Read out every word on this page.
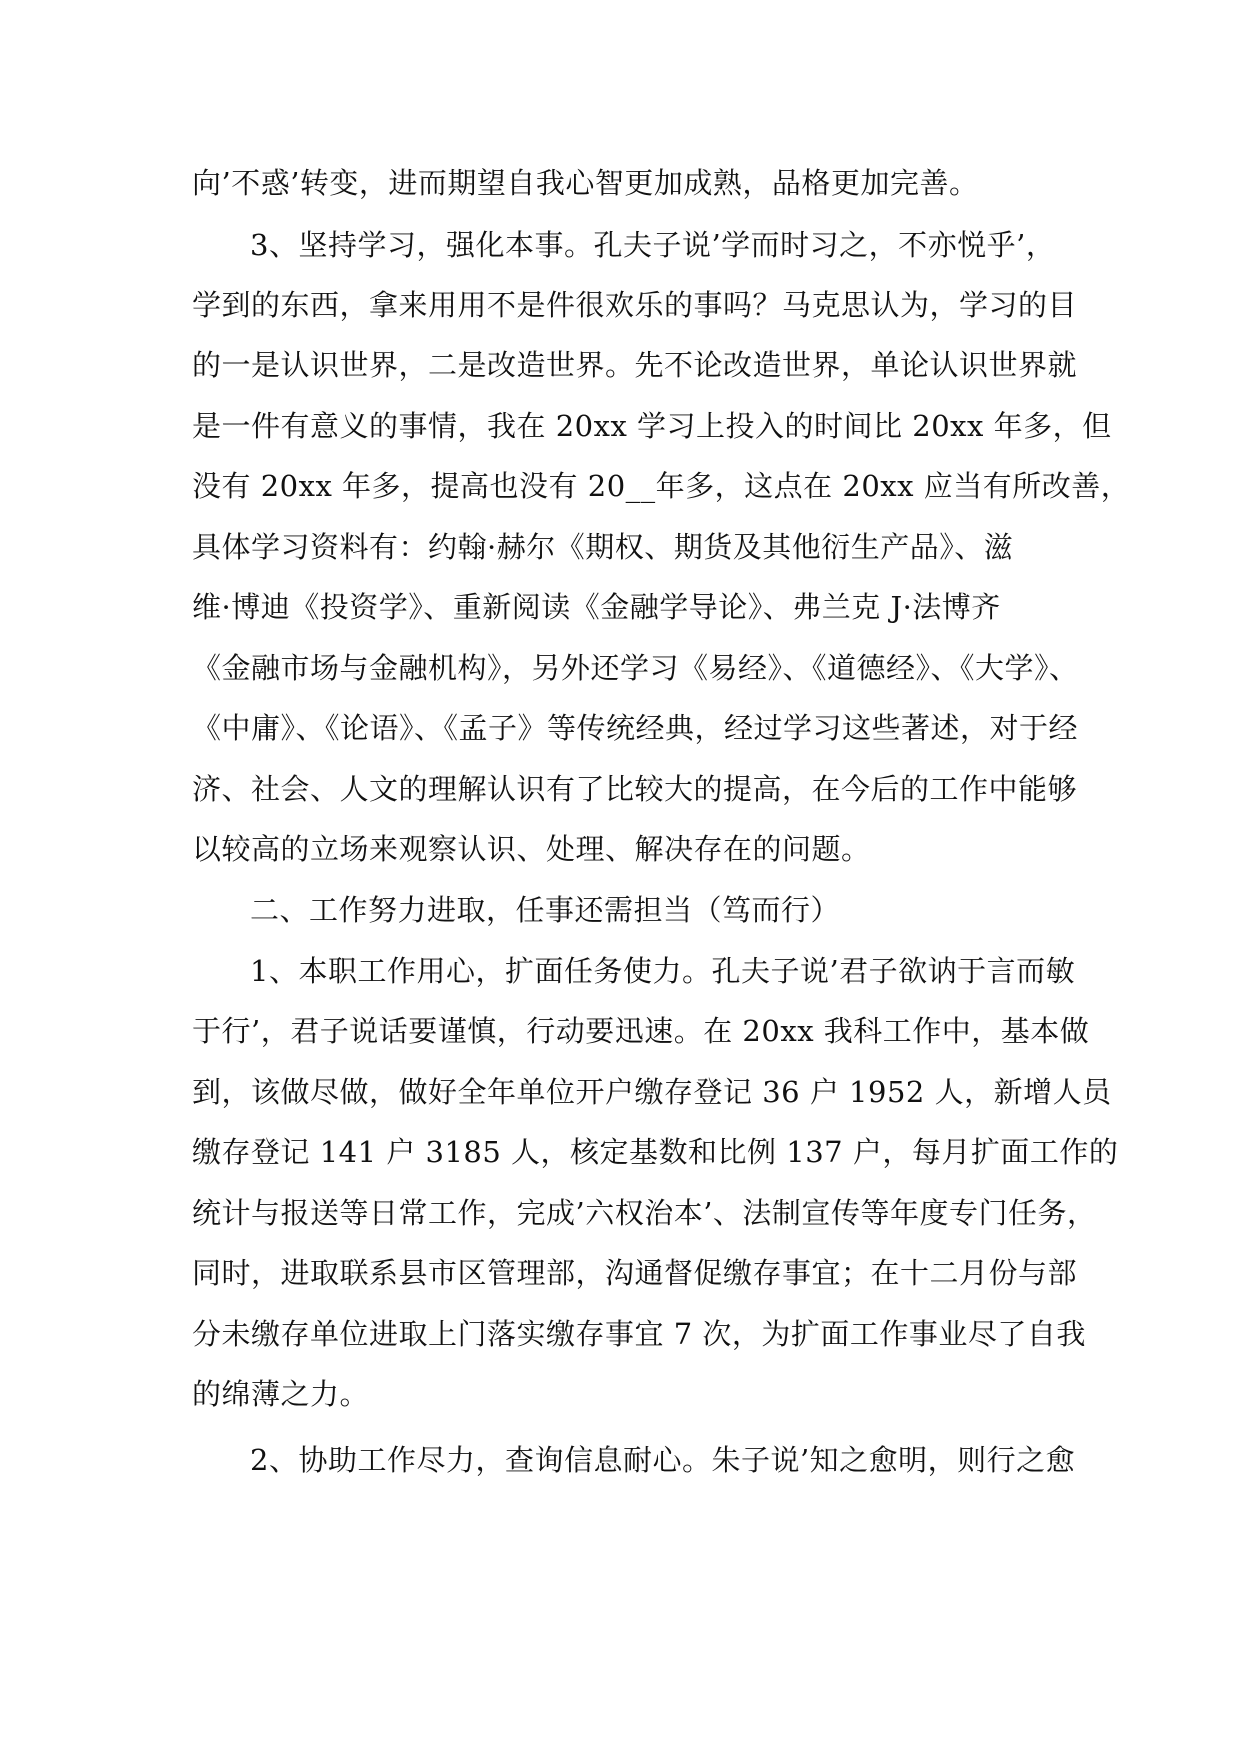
向’不惑’转变，进而期望自我心智更加成熟，品格更加完善。
3、坚持学习，强化本事。孔夫子说’学而时习之，不亦悦乎’，
学到的东西，拿来用用不是件很欢乐的事吗？马克思认为，学习的目
的一是认识世界，二是改造世界。先不论改造世界，单论认识世界就
是一件有意义的事情，我在 20xx 学习上投入的时间比 20xx 年多，但
没有 20xx 年多，提高也没有 20__年多，这点在 20xx 应当有所改善，
具体学习资料有：约翰·赫尔《期权、期货及其他衍生产品》、滋
维·博迪《投资学》、重新阅读《金融学导论》、弗兰克 J·法博齐
《金融市场与金融机构》，另外还学习《易经》、《道德经》、《大学》、
《中庸》、《论语》、《孟子》等传统经典，经过学习这些著述，对于经
济、社会、人文的理解认识有了比较大的提高，在今后的工作中能够
以较高的立场来观察认识、处理、解决存在的问题。
二、工作努力进取，任事还需担当（笃而行）
1、本职工作用心，扩面任务使力。孔夫子说’君子欲讷于言而敏
于行’，君子说话要谨慎，行动要迅速。在 20xx 我科工作中，基本做
到，该做尽做，做好全年单位开户缴存登记 36 户 1952 人，新增人员
缴存登记 141 户 3185 人，核定基数和比例 137 户，每月扩面工作的
统计与报送等日常工作，完成’六权治本’、法制宣传等年度专门任务，
同时，进取联系县市区管理部，沟通督促缴存事宜；在十二月份与部
分未缴存单位进取上门落实缴存事宜 7 次，为扩面工作事业尽了自我
的绵薄之力。
2、协助工作尽力，查询信息耐心。朱子说’知之愈明，则行之愈
